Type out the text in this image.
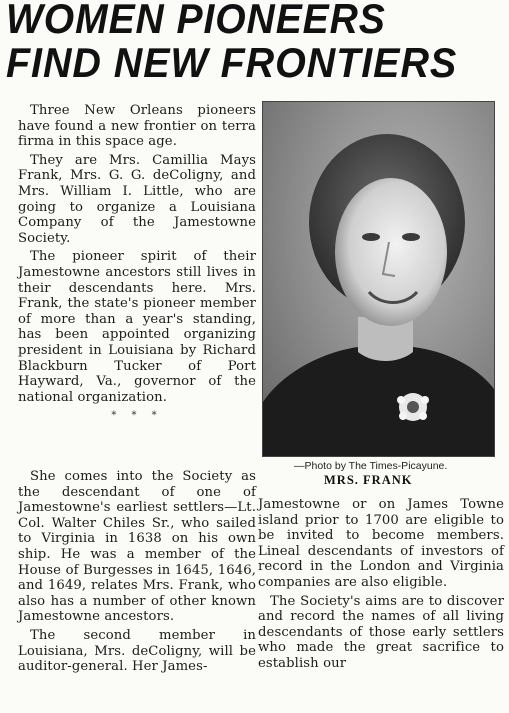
WOMEN PIONEERS
FIND NEW FRONTIERS

Three New Orleans pioneers have found a new frontier on terra firma in this space age.

They are Mrs. Camillia Mays Frank, Mrs. G. G. deColigny, and Mrs. William I. Little, who are going to organize a Louisiana Company of the Jamestowne Society.

The pioneer spirit of their Jamestowne ancestors still lives in their descendants here. Mrs. Frank, the state's pioneer member of more than a year's standing, has been appointed organizing president in Louisiana by Richard Blackburn Tucker of Port Hayward, Va., governor of the national organization.

* * *
—Photo by The Times-Picayune.
MRS. FRANK

She comes into the Society as the descendant of one of Jamestowne's earliest settlers—Lt. Col. Walter Chiles Sr., who sailed to Virginia in 1638 on his own ship. He was a member of the House of Burgesses in 1645, 1646, and 1649, relates Mrs. Frank, who also has a number of other known Jamestowne ancestors.

The second member in Louisiana, Mrs. deColigny, will be auditor-general. Her James-

Jamestowne or on James Towne island prior to 1700 are eligible to be invited to become members. Lineal descendants of investors of record in the London and Virginia companies are also eligible.

The Society's aims are to discover and record the names of all living descendants of those early settlers who made the great sacrifice to establish our
